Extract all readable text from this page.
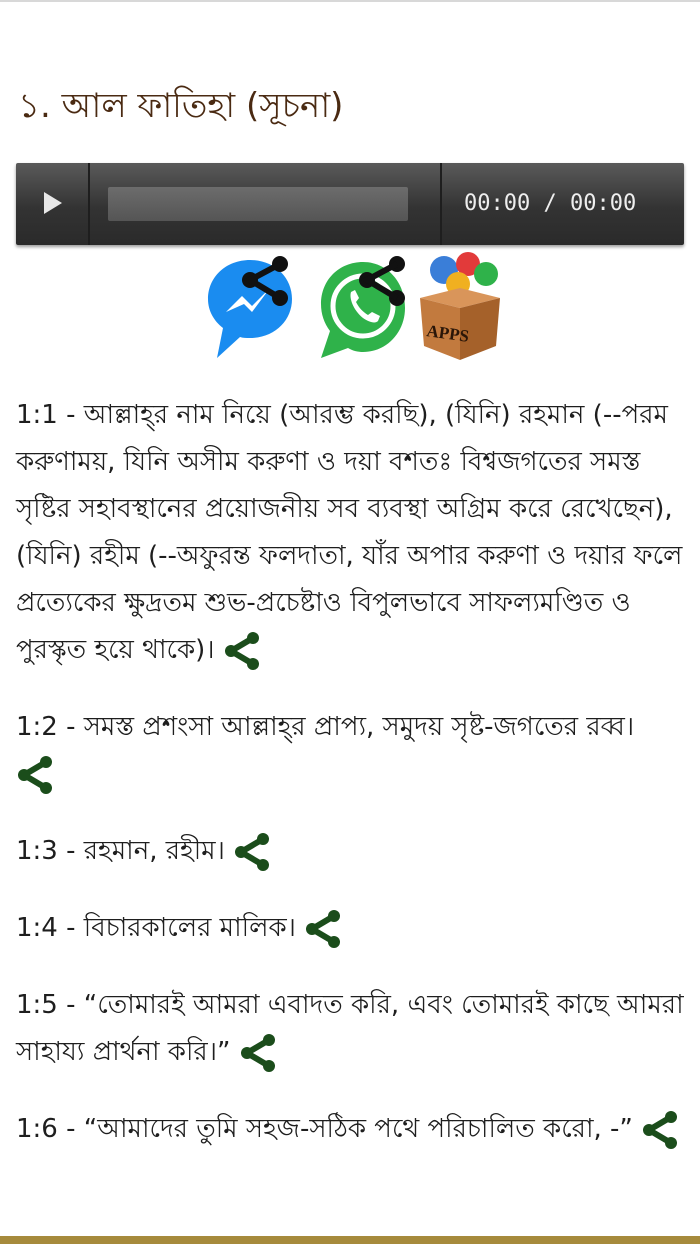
১. আল ফাতিহা (সূচনা)
00:00 / 00:00
APPS

1:1 - আল্লাহ্‌র নাম নিয়ে (আরম্ভ করছি), (যিনি) রহমান (--পরম করুণাময়, যিনি অসীম করুণা ও দয়া বশতঃ বিশ্বজগতের সমস্ত সৃষ্টির সহাবস্থানের প্রয়োজনীয় সব ব্যবস্থা অগ্রিম করে রেখেছেন), (যিনি) রহীম (--অফুরন্ত ফলদাতা, যাঁর অপার করুণা ও দয়ার ফলে প্রত্যেকের ক্ষুদ্রতম শুভ-প্রচেষ্টাও বিপুলভাবে সাফল্যমণ্ডিত ও পুরস্কৃত হয়ে থাকে)।

1:2 - সমস্ত প্রশংসা আল্লাহ্‌র প্রাপ্য, সমুদয় সৃষ্ট-জগতের রব্ব।

1:3 - রহমান, রহীম।

1:4 - বিচারকালের মালিক।

1:5 - “তোমারই আমরা এবাদত করি, এবং তোমারই কাছে আমরা সাহায্য প্রার্থনা করি।”

1:6 - “আমাদের তুমি সহজ-সঠিক পথে পরিচালিত করো, -”
